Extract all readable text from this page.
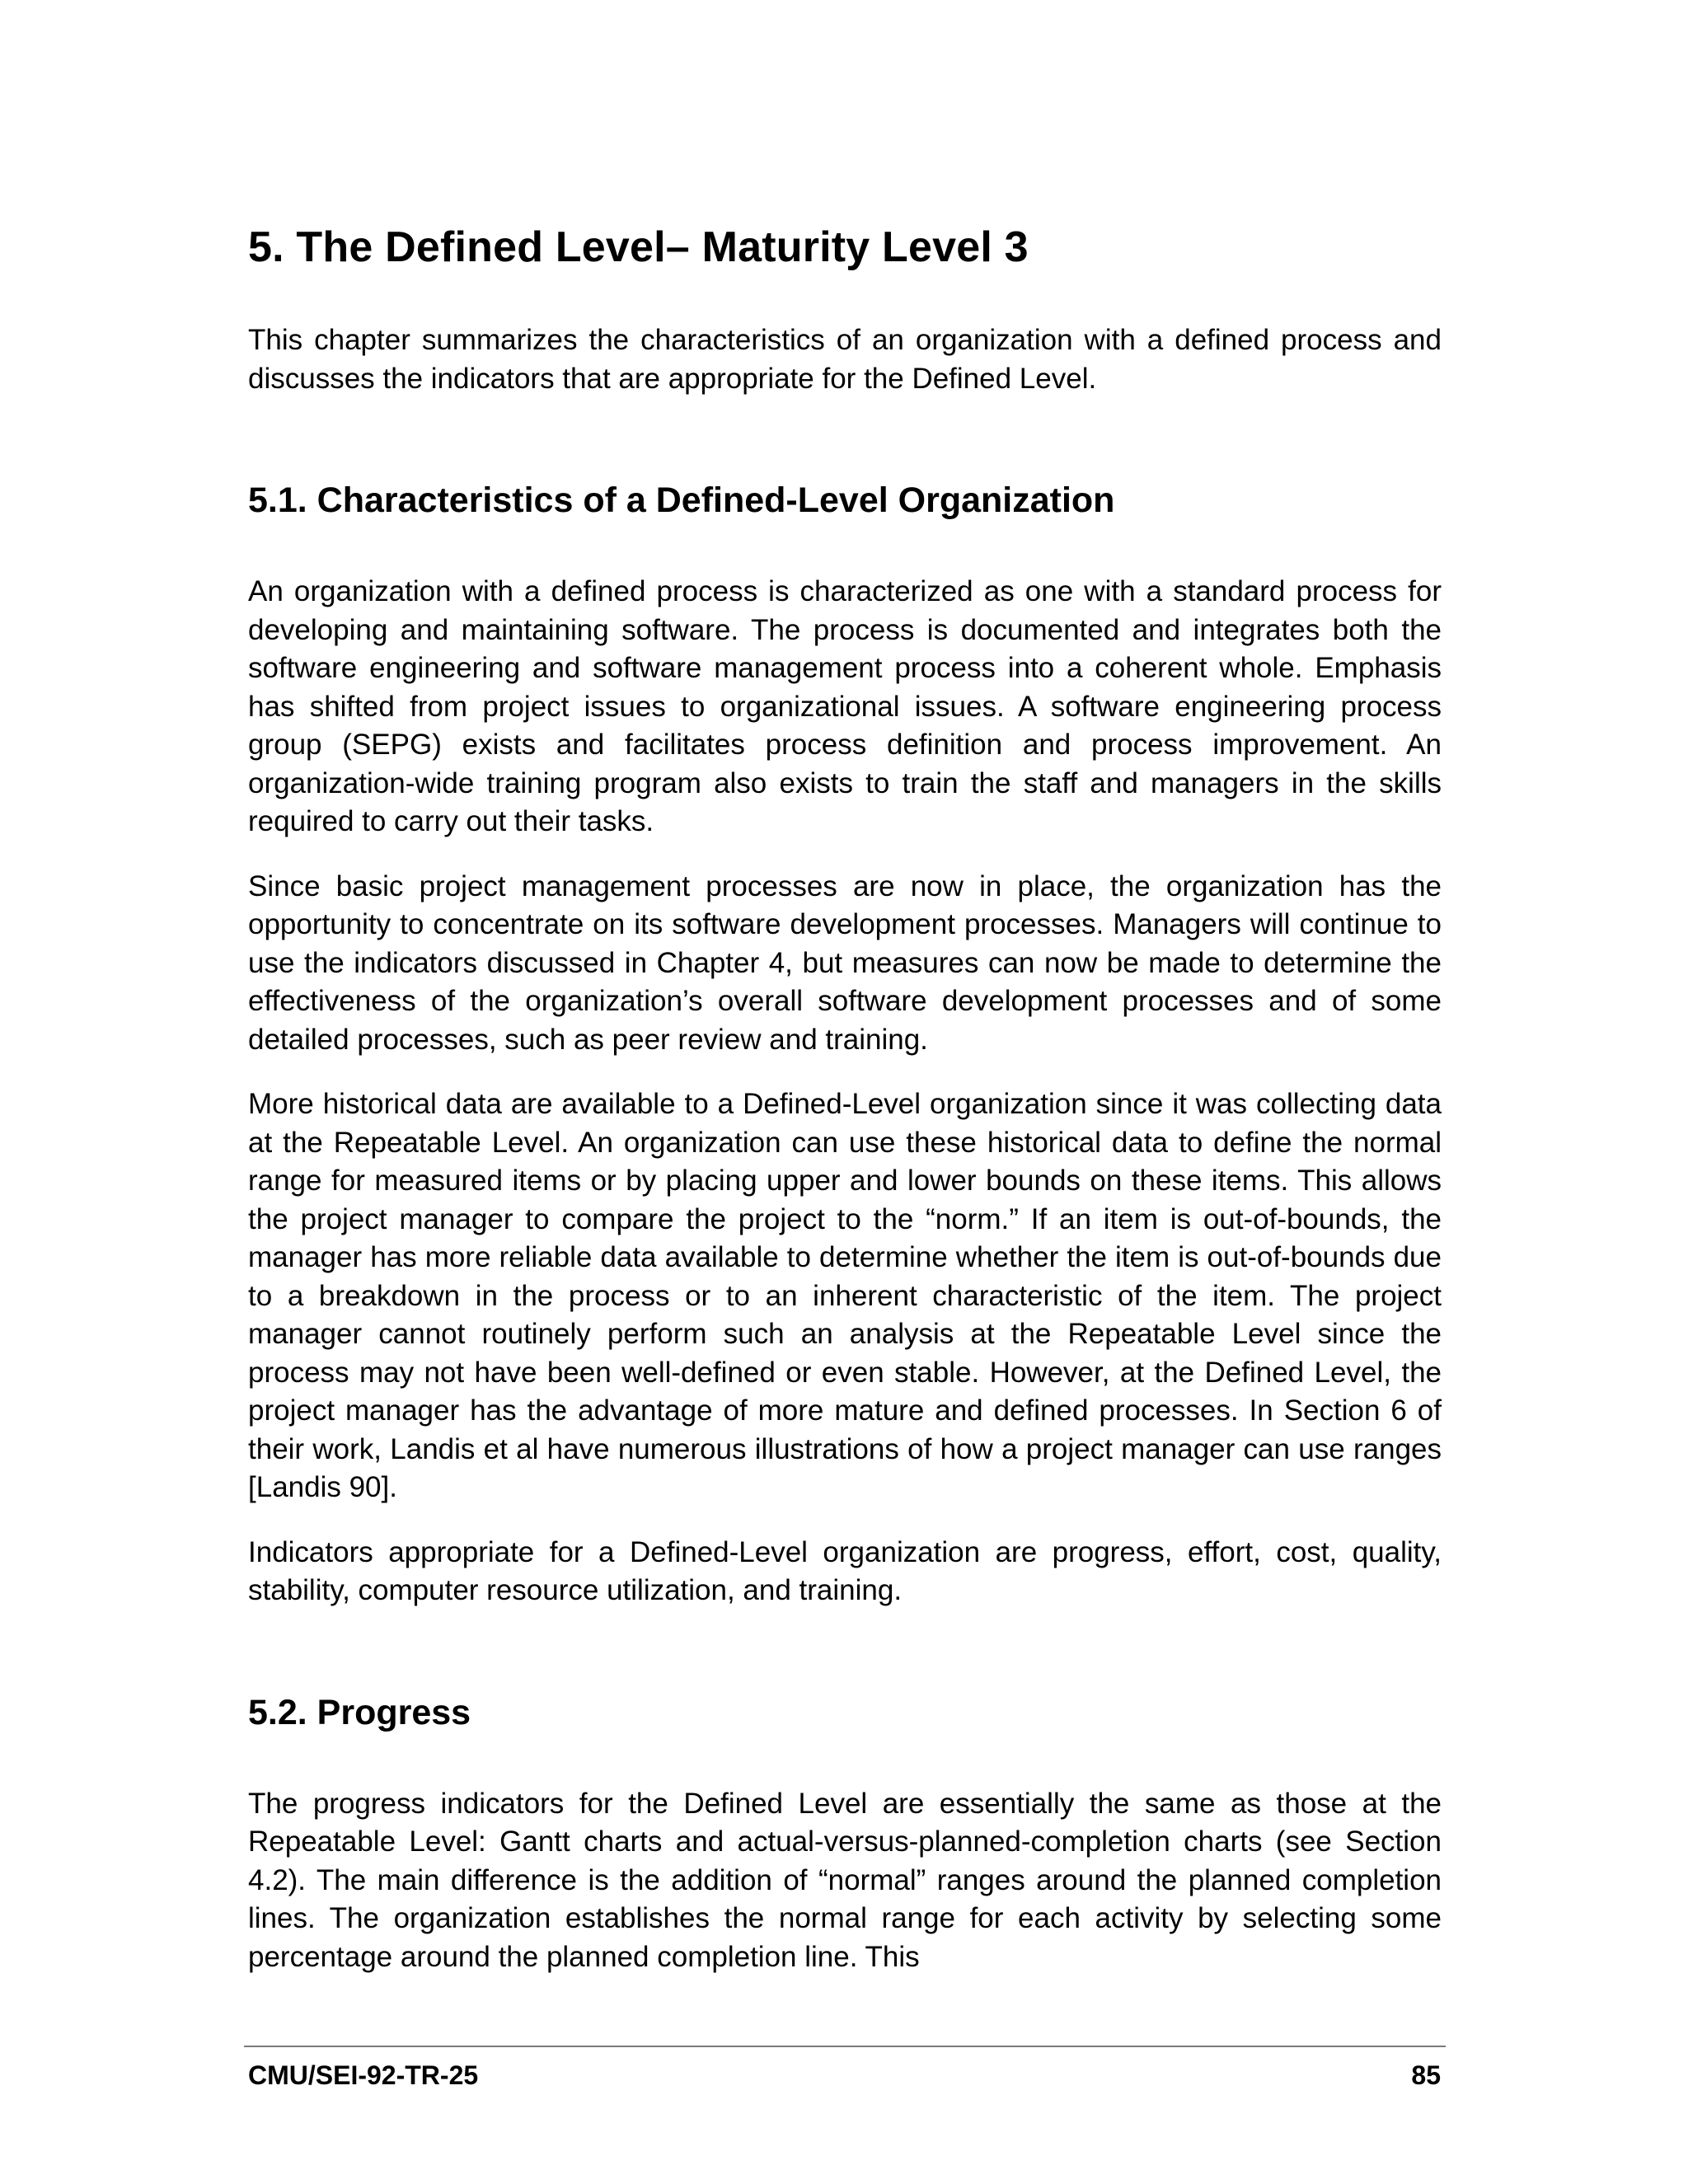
5. The Defined Level– Maturity Level 3

This chapter summarizes the characteristics of an organization with a defined process and discusses the indicators that are appropriate for the Defined Level.

5.1. Characteristics of a Defined-Level Organization

An organization with a defined process is characterized as one with a standard process for developing and maintaining software. The process is documented and integrates both the software engineering and software management process into a coherent whole. Emphasis has shifted from project issues to organizational issues. A software engineering process group (SEPG) exists and facilitates process definition and process improvement. An organization-wide training program also exists to train the staff and managers in the skills required to carry out their tasks.

Since basic project management processes are now in place, the organization has the opportunity to concentrate on its software development processes. Managers will continue to use the indicators discussed in Chapter 4, but measures can now be made to determine the effectiveness of the organization’s overall software development processes and of some detailed processes, such as peer review and training.

More historical data are available to a Defined-Level organization since it was collecting data at the Repeatable Level. An organization can use these historical data to define the normal range for measured items or by placing upper and lower bounds on these items. This allows the project manager to compare the project to the “norm.” If an item is out-of-bounds, the manager has more reliable data available to determine whether the item is out-of-bounds due to a breakdown in the process or to an inherent characteristic of the item. The project manager cannot routinely perform such an analysis at the Repeatable Level since the process may not have been well-defined or even stable. However, at the Defined Level, the project manager has the advantage of more mature and defined processes. In Section 6 of their work, Landis et al have numerous illustrations of how a project manager can use ranges [Landis 90].

Indicators appropriate for a Defined-Level organization are progress, effort, cost, quality, stability, computer resource utilization, and training.

5.2. Progress

The progress indicators for the Defined Level are essentially the same as those at the Repeatable Level: Gantt charts and actual-versus-planned-completion charts (see Section 4.2). The main difference is the addition of “normal” ranges around the planned completion lines. The organization establishes the normal range for each activity by selecting some percentage around the planned completion line. This

CMU/SEI-92-TR-25	85
